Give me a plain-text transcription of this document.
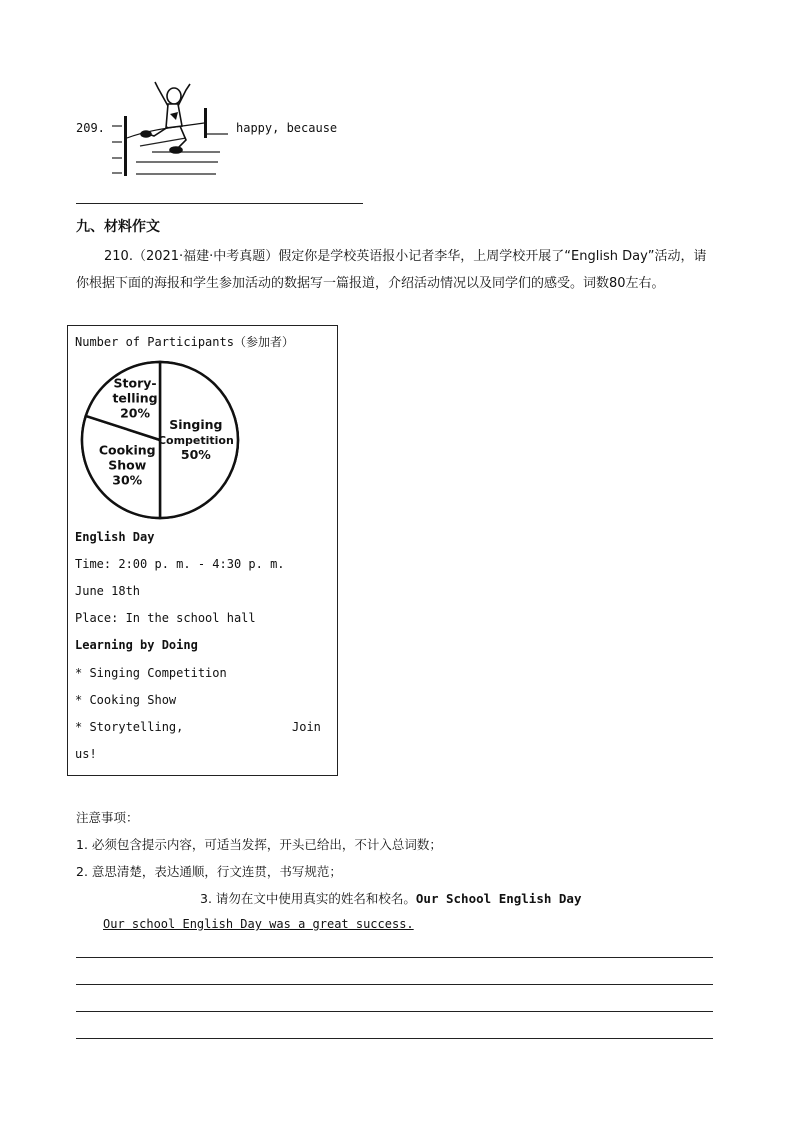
209.	happy, because
九、材料作文
210.（2021·福建·中考真题）假定你是学校英语报小记者李华，上周学校开展了“English Day”活动，请你根据下面的海报和学生参加活动的数据写一篇报道，介绍活动情况以及同学们的感受。词数80左右。
Number of Participants（参加者）
Singing
Competition
50%
Cooking
Show
30%
Story-
telling
20%
English Day
Time: 2:00 p. m. - 4:30 p. m.
June 18th
Place: In the school hall
Learning by Doing
* Singing Competition
* Cooking Show
* Storytelling,	Join
us!
注意事项：
1. 必须包含提示内容，可适当发挥，开头已给出，不计入总词数；
2. 意思清楚，表达通顺，行文连贯，书写规范；
3. 请勿在文中使用真实的姓名和校名。Our School English Day
Our school English Day was a great success.
